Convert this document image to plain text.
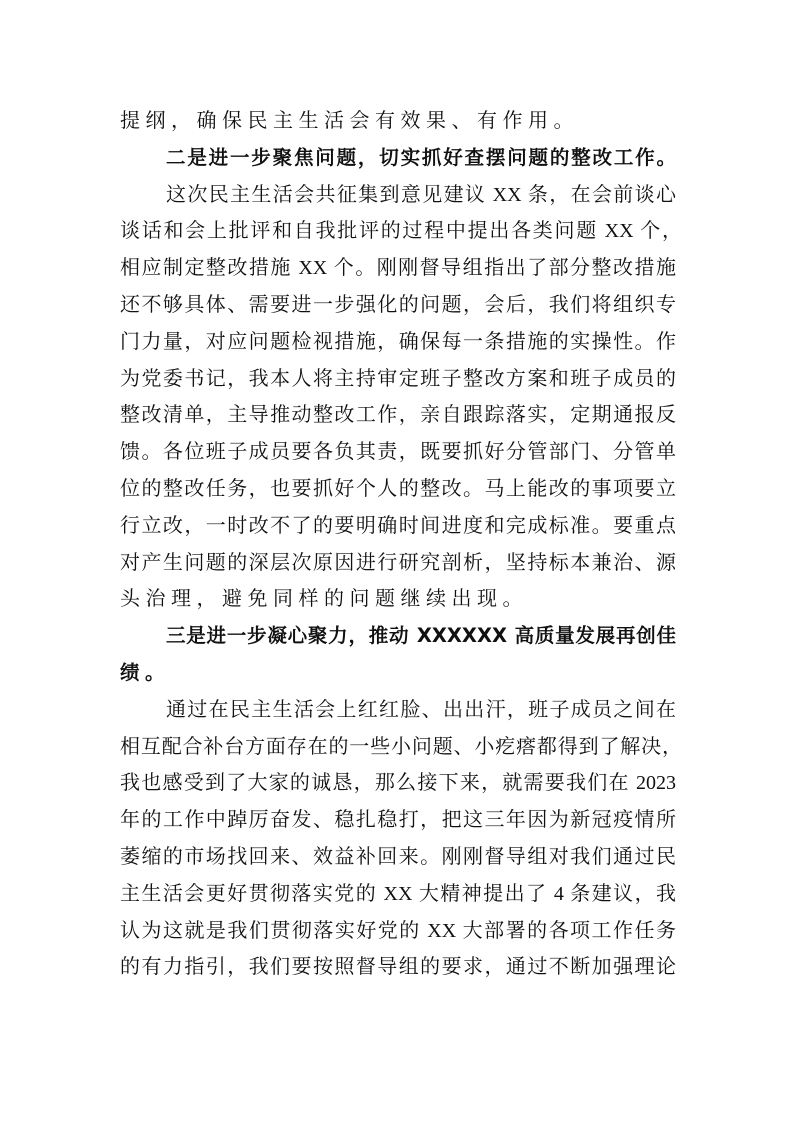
提纲，确保民主生活会有效果、有作用。
二是进一步聚焦问题，切实抓好查摆问题的整改工作。
这次民主生活会共征集到意见建议 XX 条，在会前谈心
谈话和会上批评和自我批评的过程中提出各类问题 XX 个，
相应制定整改措施 XX 个。刚刚督导组指出了部分整改措施
还不够具体、需要进一步强化的问题，会后，我们将组织专
门力量，对应问题检视措施，确保每一条措施的实操性。作
为党委书记，我本人将主持审定班子整改方案和班子成员的
整改清单，主导推动整改工作，亲自跟踪落实，定期通报反
馈。各位班子成员要各负其责，既要抓好分管部门、分管单
位的整改任务，也要抓好个人的整改。马上能改的事项要立
行立改，一时改不了的要明确时间进度和完成标准。要重点
对产生问题的深层次原因进行研究剖析，坚持标本兼治、源
头治理，避免同样的问题继续出现。
三是进一步凝心聚力，推动 XXXXXX 高质量发展再创佳
绩。
通过在民主生活会上红红脸、出出汗，班子成员之间在
相互配合补台方面存在的一些小问题、小疙瘩都得到了解决，
我也感受到了大家的诚恳，那么接下来，就需要我们在 2023
年的工作中踔厉奋发、稳扎稳打，把这三年因为新冠疫情所
萎缩的市场找回来、效益补回来。刚刚督导组对我们通过民
主生活会更好贯彻落实党的 XX 大精神提出了 4 条建议，我
认为这就是我们贯彻落实好党的 XX 大部署的各项工作任务
的有力指引，我们要按照督导组的要求，通过不断加强理论
